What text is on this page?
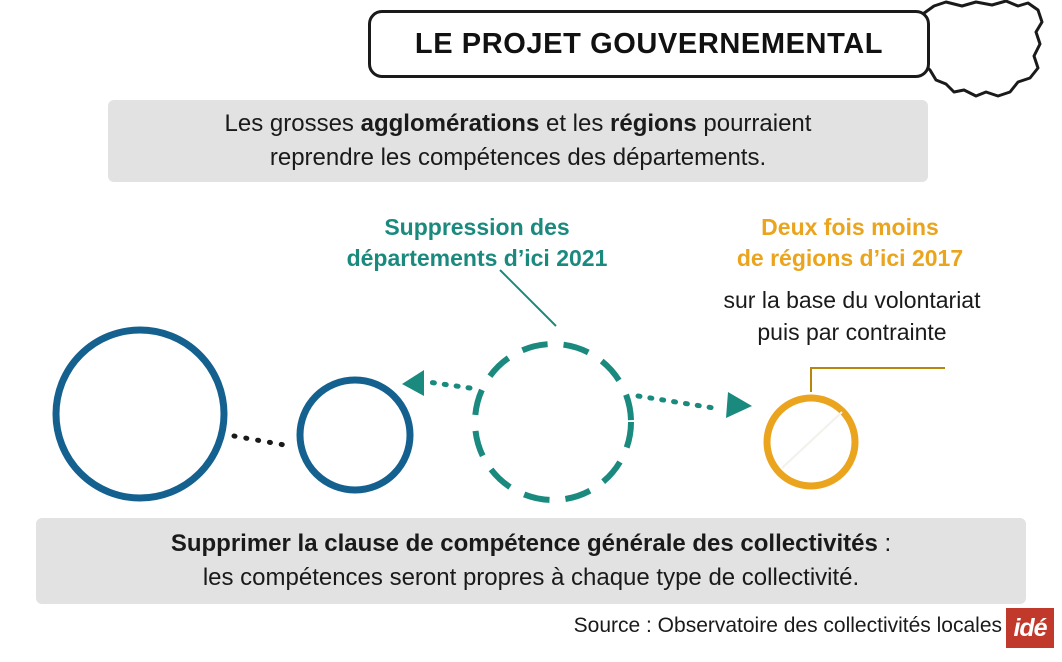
LE PROJET GOUVERNEMENTAL
Les grosses agglomérations et les régions pourraient
reprendre les compétences des départements.
Suppression des
départements d’ici 2021
Deux fois moins
de régions d’ici 2017
sur la base du volontariat
puis par contrainte
Supprimer la clause de compétence générale des collectivités :
les compétences seront propres à chaque type de collectivité.
Source : Observatoire des collectivités locales idé
